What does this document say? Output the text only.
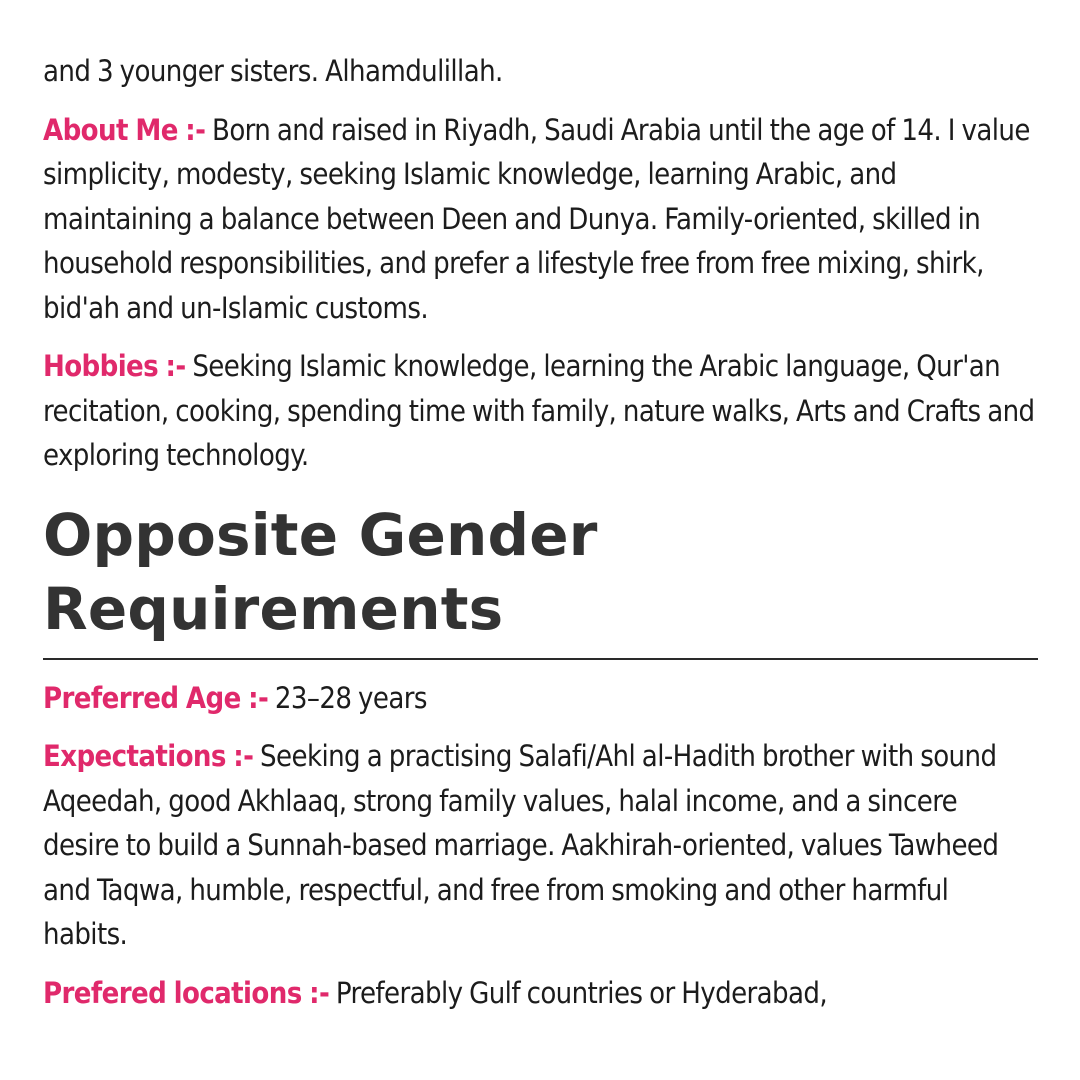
and 3 younger sisters. Alhamdulillah.

About Me :- Born and raised in Riyadh, Saudi Arabia until the age of 14. I value simplicity, modesty, seeking Islamic knowledge, learning Arabic, and maintaining a balance between Deen and Dunya. Family-oriented, skilled in household responsibilities, and prefer a lifestyle free from free mixing, shirk, bid'ah and un-Islamic customs.

Hobbies :- Seeking Islamic knowledge, learning the Arabic language, Qur'an recitation, cooking, spending time with family, nature walks, Arts and Crafts and exploring technology.

Opposite Gender Requirements

Preferred Age :- 23–28 years

Expectations :- Seeking a practising Salafi/Ahl al-Hadith brother with sound Aqeedah, good Akhlaaq, strong family values, halal income, and a sincere desire to build a Sunnah-based marriage. Aakhirah-oriented, values Tawheed and Taqwa, humble, respectful, and free from smoking and other harmful habits.

Prefered locations :- Preferably Gulf countries or Hyderabad,
